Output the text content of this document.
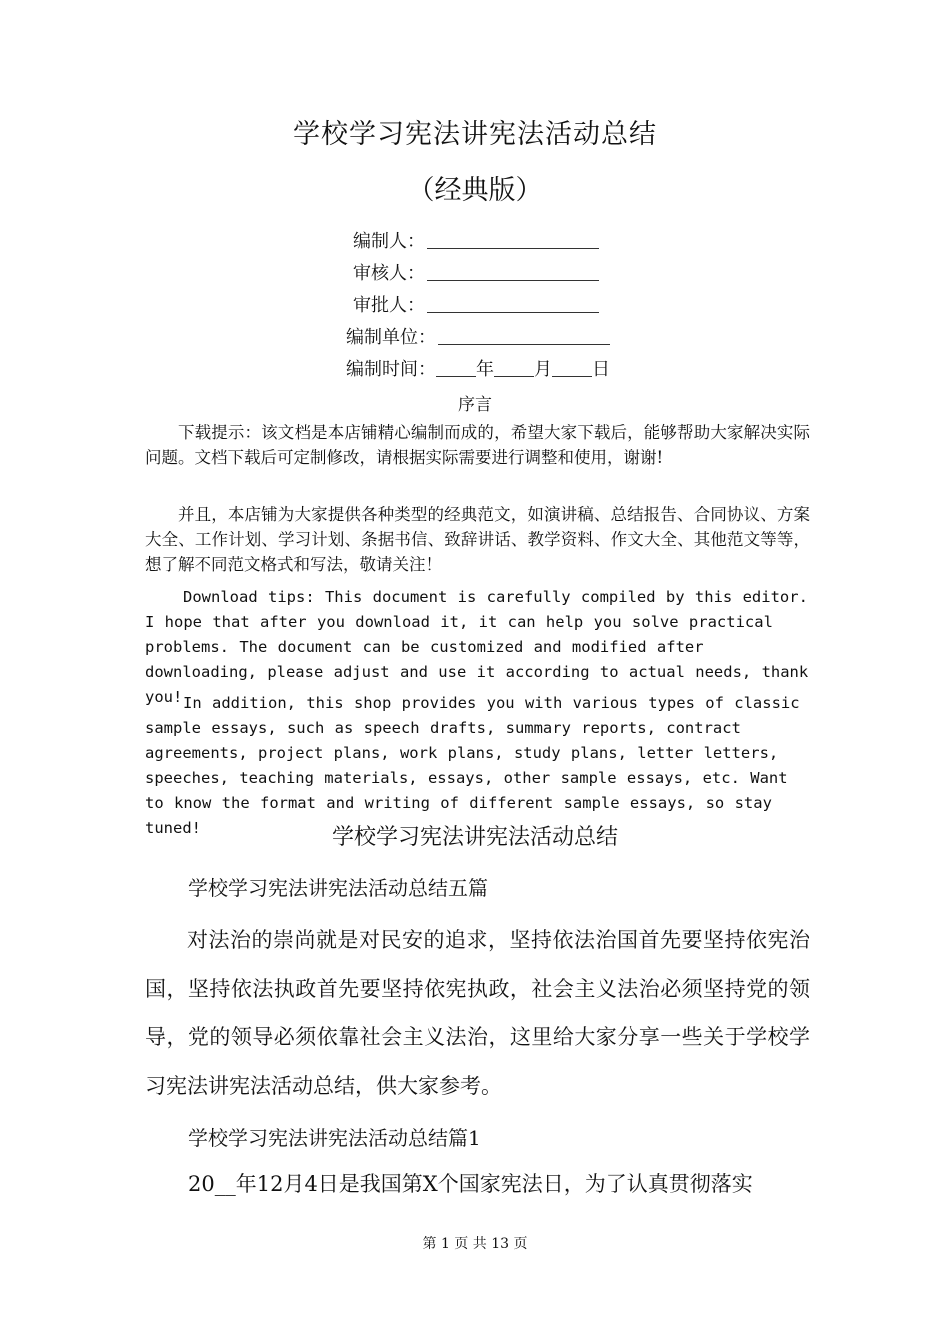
学校学习宪法讲宪法活动总结
（经典版）
编制人：
审核人：
审批人：
编制单位：
编制时间： 年 月 日
序言

下载提示：该文档是本店铺精心编制而成的，希望大家下载后，能够帮助大家解决实际问题。文档下载后可定制修改，请根据实际需要进行调整和使用，谢谢!

并且，本店铺为大家提供各种类型的经典范文，如演讲稿、总结报告、合同协议、方案大全、工作计划、学习计划、条据书信、致辞讲话、教学资料、作文大全、其他范文等等，想了解不同范文格式和写法，敬请关注！

Download tips: This document is carefully compiled by this editor. I hope that after you download it, it can help you solve practical problems. The document can be customized and modified after downloading, please adjust and use it according to actual needs, thank you! In addition, this shop provides you with various types of classic sample essays, such as speech drafts, summary reports, contract agreements, project plans, work plans, study plans, letter letters, speeches, teaching materials, essays, other sample essays, etc. Want to know the format and writing of different sample essays, so stay tuned!	学校学习宪法讲宪法活动总结
学校学习宪法讲宪法活动总结五篇

对法治的崇尚就是对民安的追求，坚持依法治国首先要坚持依宪治国，坚持依法执政首先要坚持依宪执政，社会主义法治必须坚持党的领导，党的领导必须依靠社会主义法治，这里给大家分享一些关于学校学习宪法讲宪法活动总结，供大家参考。

学校学习宪法讲宪法活动总结篇1
20__年12月4日是我国第X个国家宪法日，为了认真贯彻落实
第 1 页 共 13 页
